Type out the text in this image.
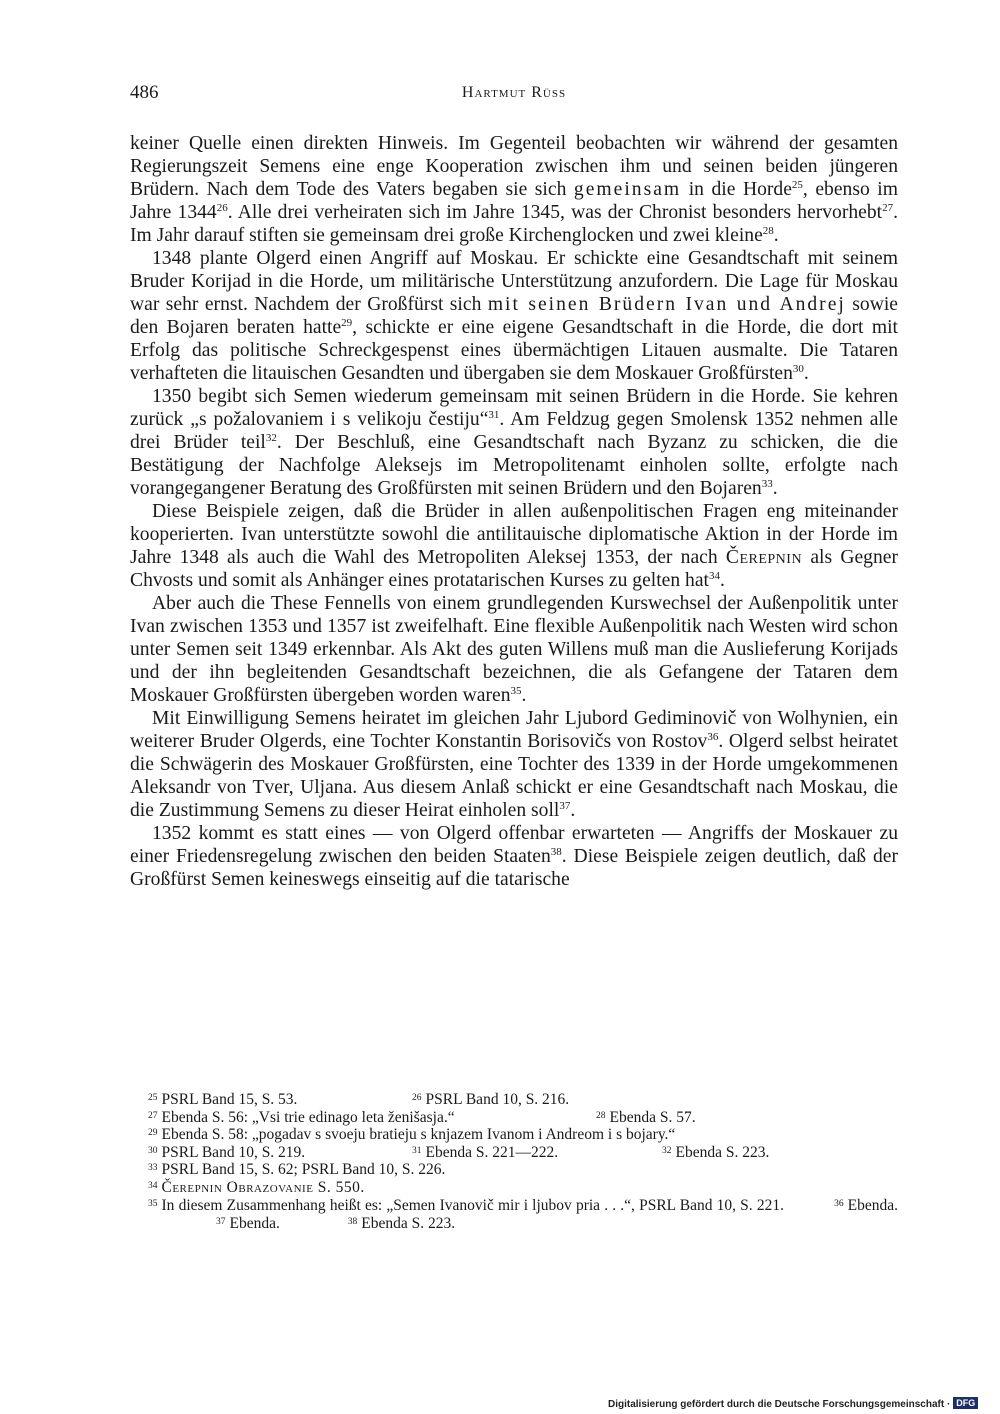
486	Hartmut Rüss

keiner Quelle einen direkten Hinweis. Im Gegenteil beobachten wir während der gesamten Regierungszeit Semens eine enge Kooperation zwischen ihm und seinen beiden jüngeren Brüdern. Nach dem Tode des Vaters begaben sie sich gemeinsam in die Horde$^{25}$, ebenso im Jahre 1344$^{26}$. Alle drei verheiraten sich im Jahre 1345, was der Chronist besonders hervorhebt$^{27}$. Im Jahr darauf stiften sie gemeinsam drei große Kirchenglocken und zwei kleine$^{28}$.

1348 plante Olgerd einen Angriff auf Moskau. Er schickte eine Gesandtschaft mit seinem Bruder Korijad in die Horde, um militärische Unterstützung anzufordern. Die Lage für Moskau war sehr ernst. Nachdem der Großfürst sich mit seinen Brüdern Ivan und Andrej sowie den Bojaren beraten hatte$^{29}$, schickte er eine eigene Gesandtschaft in die Horde, die dort mit Erfolg das politische Schreckgespenst eines übermächtigen Litauen ausmalte. Die Tataren verhafteten die litauischen Gesandten und übergaben sie dem Moskauer Großfürsten$^{30}$.

1350 begibt sich Semen wiederum gemeinsam mit seinen Brüdern in die Horde. Sie kehren zurück „s požalovaniem i s velikoju čestiju“$^{31}$. Am Feldzug gegen Smolensk 1352 nehmen alle drei Brüder teil$^{32}$. Der Beschluß, eine Gesandtschaft nach Byzanz zu schicken, die die Bestätigung der Nachfolge Alekseјs im Metropolitenamt einholen sollte, erfolgte nach vorangegangener Beratung des Großfürsten mit seinen Brüdern und den Bojaren$^{33}$.

Diese Beispiele zeigen, daß die Brüder in allen außenpolitischen Fragen eng miteinander kooperierten. Ivan unterstützte sowohl die antilitauische diplomatische Aktion in der Horde im Jahre 1348 als auch die Wahl des Metropoliten Aleksej 1353, der nach Čerepnin als Gegner Chvosts und somit als Anhänger eines protatarischen Kurses zu gelten hat$^{34}$.

Aber auch die These Fennells von einem grundlegenden Kurswechsel der Außenpolitik unter Ivan zwischen 1353 und 1357 ist zweifelhaft. Eine flexible Außenpolitik nach Westen wird schon unter Semen seit 1349 erkennbar. Als Akt des guten Willens muß man die Auslieferung Korijads und der ihn begleitenden Gesandtschaft bezeichnen, die als Gefangene der Tataren dem Moskauer Großfürsten übergeben worden waren$^{35}$.

Mit Einwilligung Semens heiratet im gleichen Jahr Ljubord Gediminovič von Wolhynien, ein weiterer Bruder Olgerds, eine Tochter Konstantin Borisovičs von Rostov$^{36}$. Olgerd selbst heiratet die Schwägerin des Moskauer Großfürsten, eine Tochter des 1339 in der Horde umgekommenen Aleksandr von Tver, Uljana. Aus diesem Anlaß schickt er eine Gesandtschaft nach Moskau, die die Zustimmung Semens zu dieser Heirat einholen soll$^{37}$.

1352 kommt es statt eines — von Olgerd offenbar erwarteten — Angriffs der Moskauer zu einer Friedensregelung zwischen den beiden Staaten$^{38}$. Diese Beispiele zeigen deutlich, daß der Großfürst Semen keineswegs einseitig auf die tatarische

$^{25}$ PSRL Band 15, S. 53.	$^{26}$ PSRL Band 10, S. 216.
$^{27}$ Ebenda S. 56: „Vsi trie edinago leta ženišasja.“	$^{28}$ Ebenda S. 57.
$^{29}$ Ebenda S. 58: „pogadav s svoeju bratieju s knjazem Ivanom i Andreom i s bojary.“
$^{30}$ PSRL Band 10, S. 219.	$^{31}$ Ebenda S. 221—222.	$^{32}$ Ebenda S. 223.
$^{33}$ PSRL Band 15, S. 62; PSRL Band 10, S. 226.
$^{34}$ Čerepnin Obrazovanie S. 550.
$^{35}$ In diesem Zusammenhang heißt es: „Semen Ivanovič mir i ljubov pria . . .“, PSRL Band 10, S. 221.	$^{36}$ Ebenda. $^{37}$ Ebenda.	$^{38}$ Ebenda S. 223.
Digitalisierung gefördert durch die Deutsche Forschungsgemeinschaft · DFG
